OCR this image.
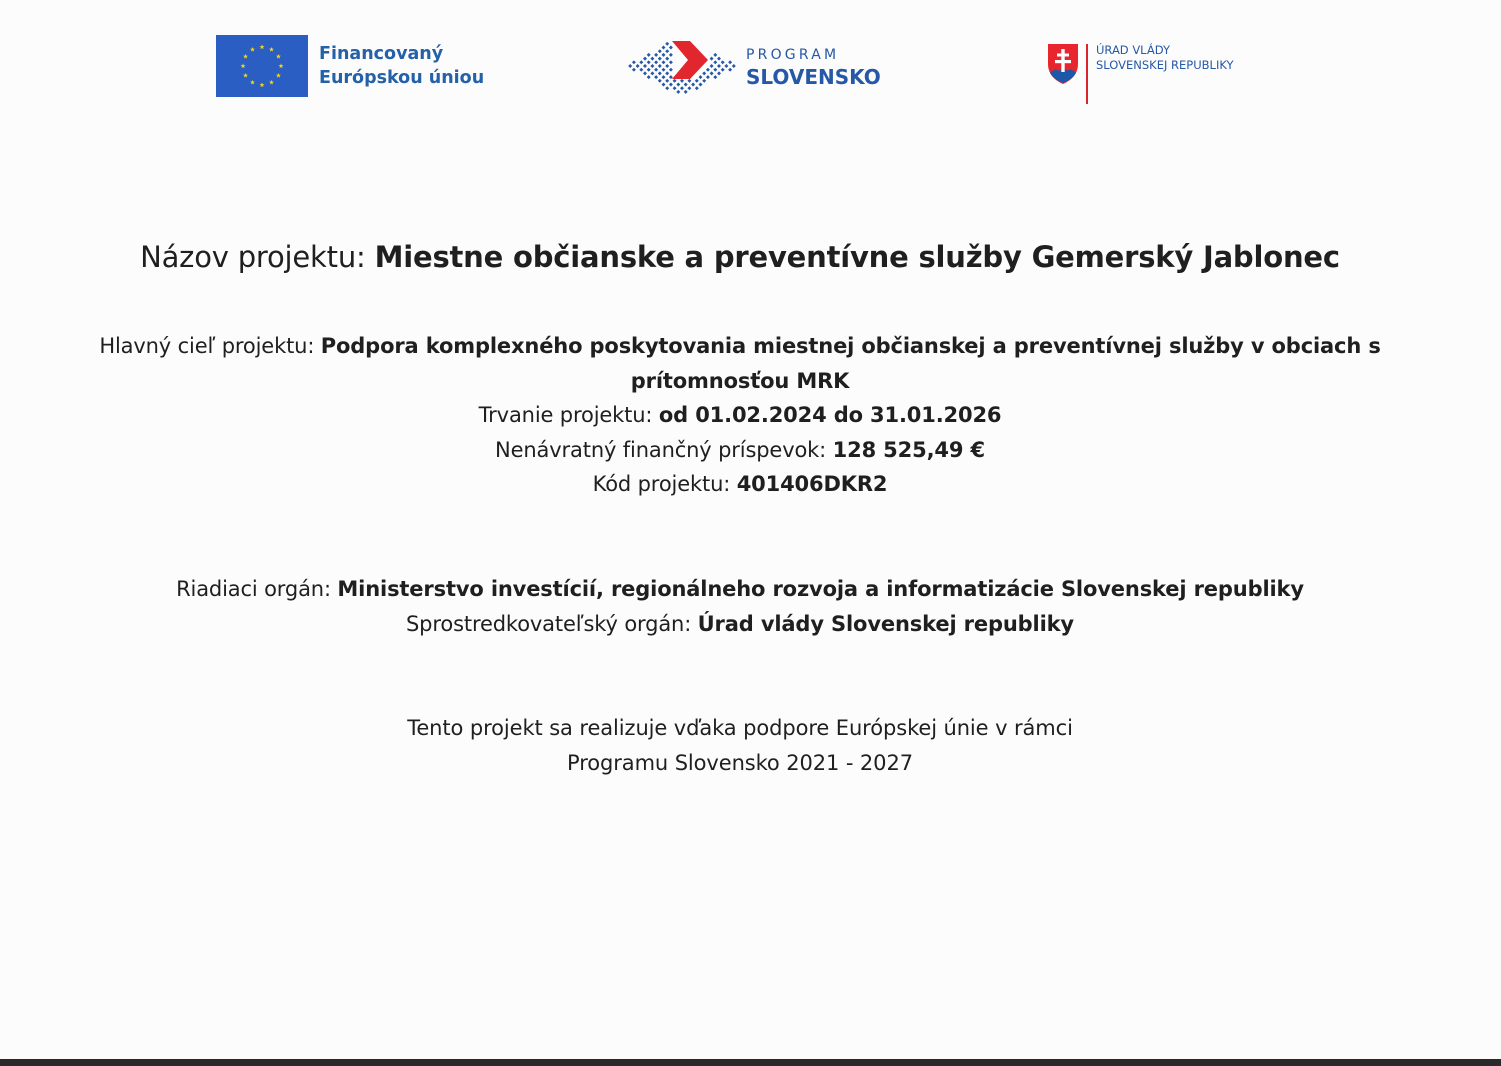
Financovaný
Európskou úniou
PROGRAM
SLOVENSKO
ÚRAD VLÁDY
SLOVENSKEJ REPUBLIKY
Názov projektu: Miestne občianske a preventívne služby Gemerský Jablonec
Hlavný cieľ projektu: Podpora komplexného poskytovania miestnej občianskej a preventívnej služby v obciach s
prítomnosťou MRK
Trvanie projektu: od 01.02.2024 do 31.01.2026
Nenávratný finančný príspevok: 128 525,49 €
Kód projektu: 401406DKR2
Riadiaci orgán: Ministerstvo investícií, regionálneho rozvoja a informatizácie Slovenskej republiky
Sprostredkovateľský orgán: Úrad vlády Slovenskej republiky
Tento projekt sa realizuje vďaka podpore Európskej únie v rámci
Programu Slovensko 2021 - 2027
